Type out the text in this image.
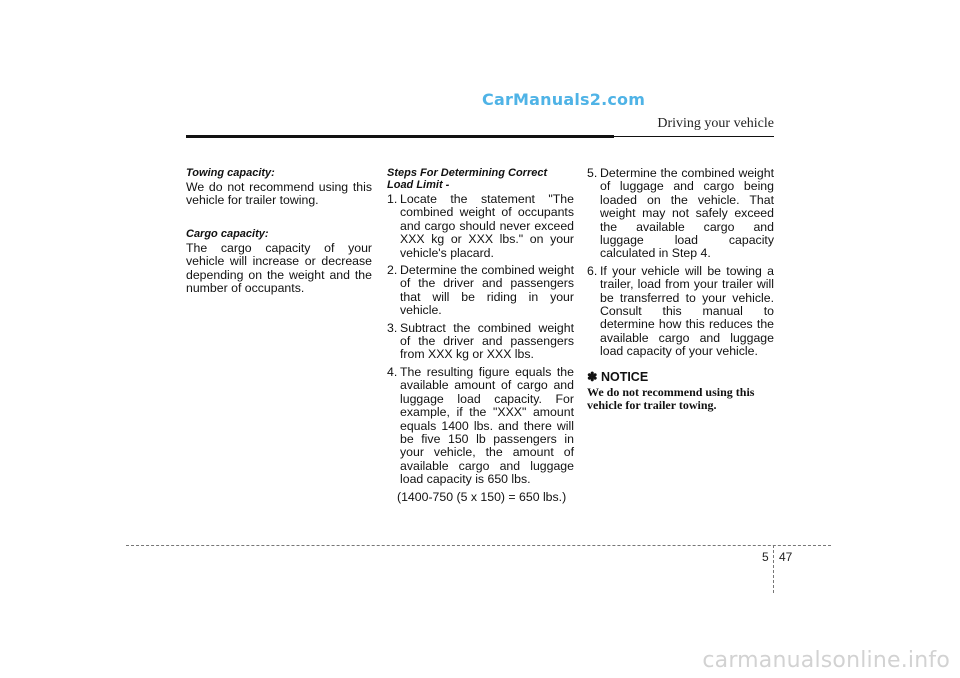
CarManuals2.com
Driving your vehicle
Towing capacity:
We do not recommend using this vehicle for trailer towing.
Cargo capacity:
The cargo capacity of your vehicle will increase or decrease depending on the weight and the number of occupants.
Steps For Determining Correct Load Limit -
1. Locate the statement "The combined weight of occupants and cargo should never exceed XXX kg or XXX lbs." on your vehicle's placard.
2. Determine the combined weight of the driver and passengers that will be riding in your vehicle.
3. Subtract the combined weight of the driver and passengers from XXX kg or XXX lbs.
4. The resulting figure equals the available amount of cargo and luggage load capacity. For example, if the "XXX" amount equals 1400 lbs. and there will be five 150 lb passengers in your vehicle, the amount of available cargo and luggage load capacity is 650 lbs.
(1400-750 (5 x 150) = 650 lbs.)
5. Determine the combined weight of luggage and cargo being loaded on the vehicle. That weight may not safely exceed the available cargo and luggage load capacity calculated in Step 4.
6. If your vehicle will be towing a trailer, load from your trailer will be transferred to your vehicle. Consult this manual to determine how this reduces the available cargo and luggage load capacity of your vehicle.
✽ NOTICE
We do not recommend using this vehicle for trailer towing.
5 47
carmanualsonline.info
